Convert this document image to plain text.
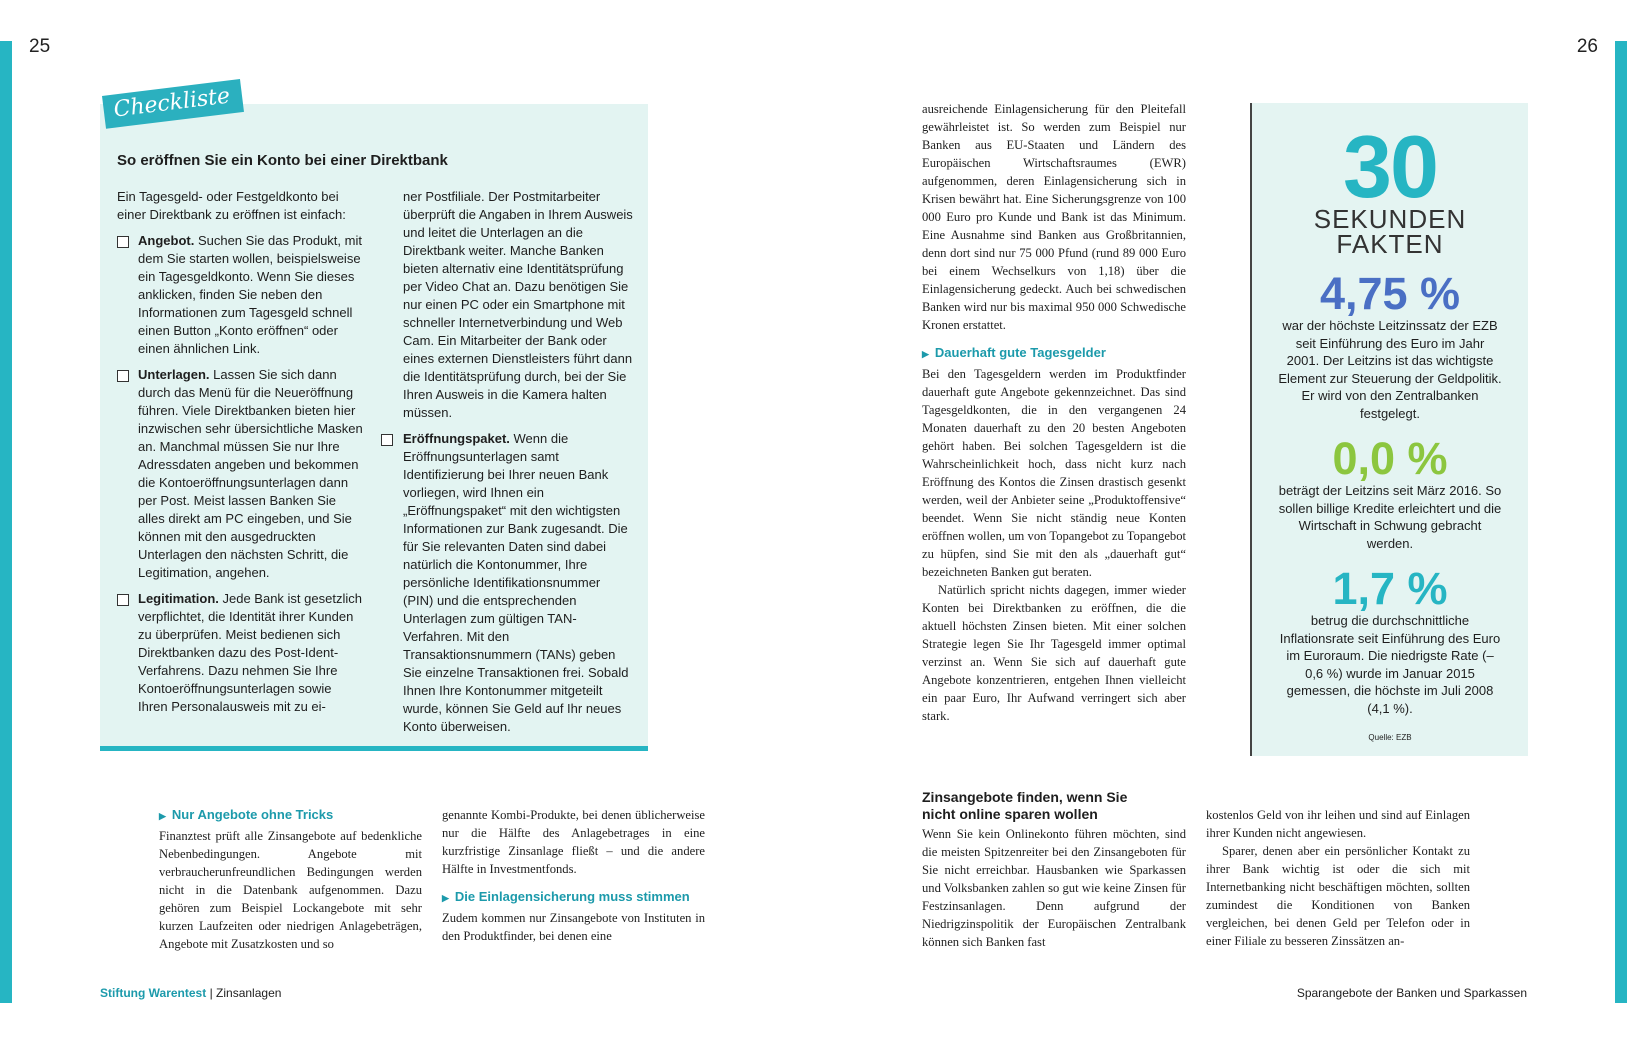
25	26
Checkliste
So eröffnen Sie ein Konto bei einer Direktbank

Ein Tagesgeld- oder Festgeldkonto bei einer Direktbank zu eröffnen ist einfach:

Angebot. Suchen Sie das Produkt, mit dem Sie starten wollen, beispielsweise ein Tagesgeldkonto. Wenn Sie dieses anklicken, finden Sie neben den Informationen zum Tagesgeld schnell einen Button „Konto eröffnen“ oder einen ähnlichen Link.
Unterlagen. Lassen Sie sich dann durch das Menü für die Neueröffnung führen. Viele Direktbanken bieten hier inzwischen sehr übersichtliche Masken an. Manchmal müssen Sie nur Ihre Adressdaten angeben und bekommen die Kontoeröffnungsunterlagen dann per Post. Meist lassen Banken Sie alles direkt am PC eingeben, und Sie können mit den ausgedruckten Unterlagen den nächsten Schritt, die Legitimation, angehen.
Legitimation. Jede Bank ist gesetzlich verpflichtet, die Identität ihrer Kunden zu überprüfen. Meist bedienen sich Direktbanken dazu des Post-Ident-Verfahrens. Dazu nehmen Sie Ihre Kontoeröffnungsunterlagen sowie Ihren Personalausweis mit zu ei-

ner Postfiliale. Der Postmitarbeiter überprüft die Angaben in Ihrem Ausweis und leitet die Unterlagen an die Direktbank weiter. Manche Banken bieten alternativ eine Identitätsprüfung per Video Chat an. Dazu benötigen Sie nur einen PC oder ein Smartphone mit schneller Internetverbindung und Web Cam. Ein Mitarbeiter der Bank oder eines externen Dienstleisters führt dann die Identitätsprüfung durch, bei der Sie Ihren Ausweis in die Kamera halten müssen.

Eröffnungspaket. Wenn die Eröffnungsunterlagen samt Identifizierung bei Ihrer neuen Bank vorliegen, wird Ihnen ein „Eröffnungspaket“ mit den wichtigsten Informationen zur Bank zugesandt. Die für Sie relevanten Daten sind dabei natürlich die Kontonummer, Ihre persönliche Identifikationsnummer (PIN) und die entsprechenden Unterlagen zum gültigen TAN-Verfahren. Mit den Transaktionsnummern (TANs) geben Sie einzelne Transaktionen frei. Sobald Ihnen Ihre Kontonummer mitgeteilt wurde, können Sie Geld auf Ihr neues Konto überweisen.
▶ Nur Angebote ohne Tricks

Finanztest prüft alle Zinsangebote auf bedenkliche Nebenbedingungen. Angebote mit verbraucherunfreundlichen Bedingungen werden nicht in die Datenbank aufgenommen. Dazu gehören zum Beispiel Lockangebote mit sehr kurzen Laufzeiten oder niedrigen Anlagebeträgen, Angebote mit Zusatzkosten und so

genannte Kombi-Produkte, bei denen üblicherweise nur die Hälfte des Anlagebetrages in eine kurzfristige Zinsanlage fließt – und die andere Hälfte in Investmentfonds.

▶ Die Einlagensicherung muss stimmen

Zudem kommen nur Zinsangebote von Instituten in den Produktfinder, bei denen eine

ausreichende Einlagensicherung für den Pleitefall gewährleistet ist. So werden zum Beispiel nur Banken aus EU-Staaten und Ländern des Europäischen Wirtschaftsraumes (EWR) aufgenommen, deren Einlagensicherung sich in Krisen bewährt hat. Eine Sicherungsgrenze von 100 000 Euro pro Kunde und Bank ist das Minimum. Eine Ausnahme sind Banken aus Großbritannien, denn dort sind nur 75 000 Pfund (rund 89 000 Euro bei einem Wechselkurs von 1,18) über die Einlagensicherung gedeckt. Auch bei schwedischen Banken wird nur bis maximal 950 000 Schwedische Kronen erstattet.

▶ Dauerhaft gute Tagesgelder

Bei den Tagesgeldern werden im Produktfinder dauerhaft gute Angebote gekennzeichnet. Das sind Tagesgeldkonten, die in den vergangenen 24 Monaten dauerhaft zu den 20 besten Angeboten gehört haben. Bei solchen Tagesgeldern ist die Wahrscheinlichkeit hoch, dass nicht kurz nach Eröffnung des Kontos die Zinsen drastisch gesenkt werden, weil der Anbieter seine „Produktoffensive“ beendet. Wenn Sie nicht ständig neue Konten eröffnen wollen, um von Topangebot zu Topangebot zu hüpfen, sind Sie mit den als „dauerhaft gut“ bezeichneten Banken gut beraten.

Natürlich spricht nichts dagegen, immer wieder Konten bei Direktbanken zu eröffnen, die die aktuell höchsten Zinsen bieten. Mit einer solchen Strategie legen Sie Ihr Tagesgeld immer optimal verzinst an. Wenn Sie sich auf dauerhaft gute Angebote konzentrieren, entgehen Ihnen vielleicht ein paar Euro, Ihr Aufwand verringert sich aber stark.

Zinsangebote finden, wenn Sie nicht online sparen wollen

Wenn Sie kein Onlinekonto führen möchten, sind die meisten Spitzenreiter bei den Zinsangeboten für Sie nicht erreichbar. Hausbanken wie Sparkassen und Volksbanken zahlen so gut wie keine Zinsen für Festzinsanlagen. Denn aufgrund der Niedrigzinspolitik der Europäischen Zentralbank können sich Banken fast

kostenlos Geld von ihr leihen und sind auf Einlagen ihrer Kunden nicht angewiesen.

Sparer, denen aber ein persönlicher Kontakt zu ihrer Bank wichtig ist oder die sich mit Internetbanking nicht beschäftigen möchten, sollten zumindest die Konditionen von Banken vergleichen, bei denen Geld per Telefon oder in einer Filiale zu besseren Zinssätzen an-

30
SEKUNDEN
FAKTEN
4,75 %
war der höchste Leitzinssatz der EZB seit Einführung des Euro im Jahr 2001. Der Leitzins ist das wichtigste Element zur Steuerung der Geldpolitik. Er wird von den Zentralbanken festgelegt.
0,0 %
beträgt der Leitzins seit März 2016. So sollen billige Kredite erleichtert und die Wirtschaft in Schwung gebracht werden.
1,7 %
betrug die durchschnittliche Inflationsrate seit Einführung des Euro im Euroraum. Die niedrigste Rate (–0,6 %) wurde im Januar 2015 gemessen, die höchste im Juli 2008 (4,1 %).
Quelle: EZB
Stiftung Warentest | Zinsanlagen	Sparangebote der Banken und Sparkassen
